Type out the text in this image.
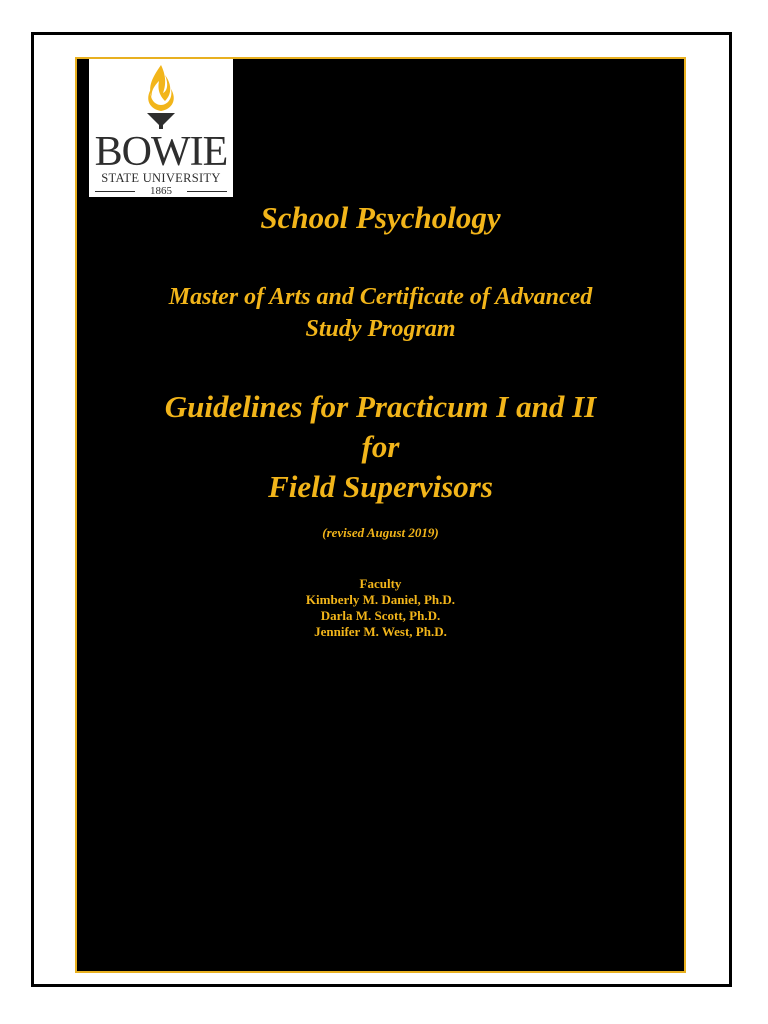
BOWIE
STATE UNIVERSITY
1865
School Psychology
Master of Arts and Certificate of Advanced
Study Program
Guidelines for Practicum I and II
for
Field Supervisors
(revised August 2019)
Faculty
Kimberly M. Daniel, Ph.D.
Darla M. Scott, Ph.D.
Jennifer M. West, Ph.D.
